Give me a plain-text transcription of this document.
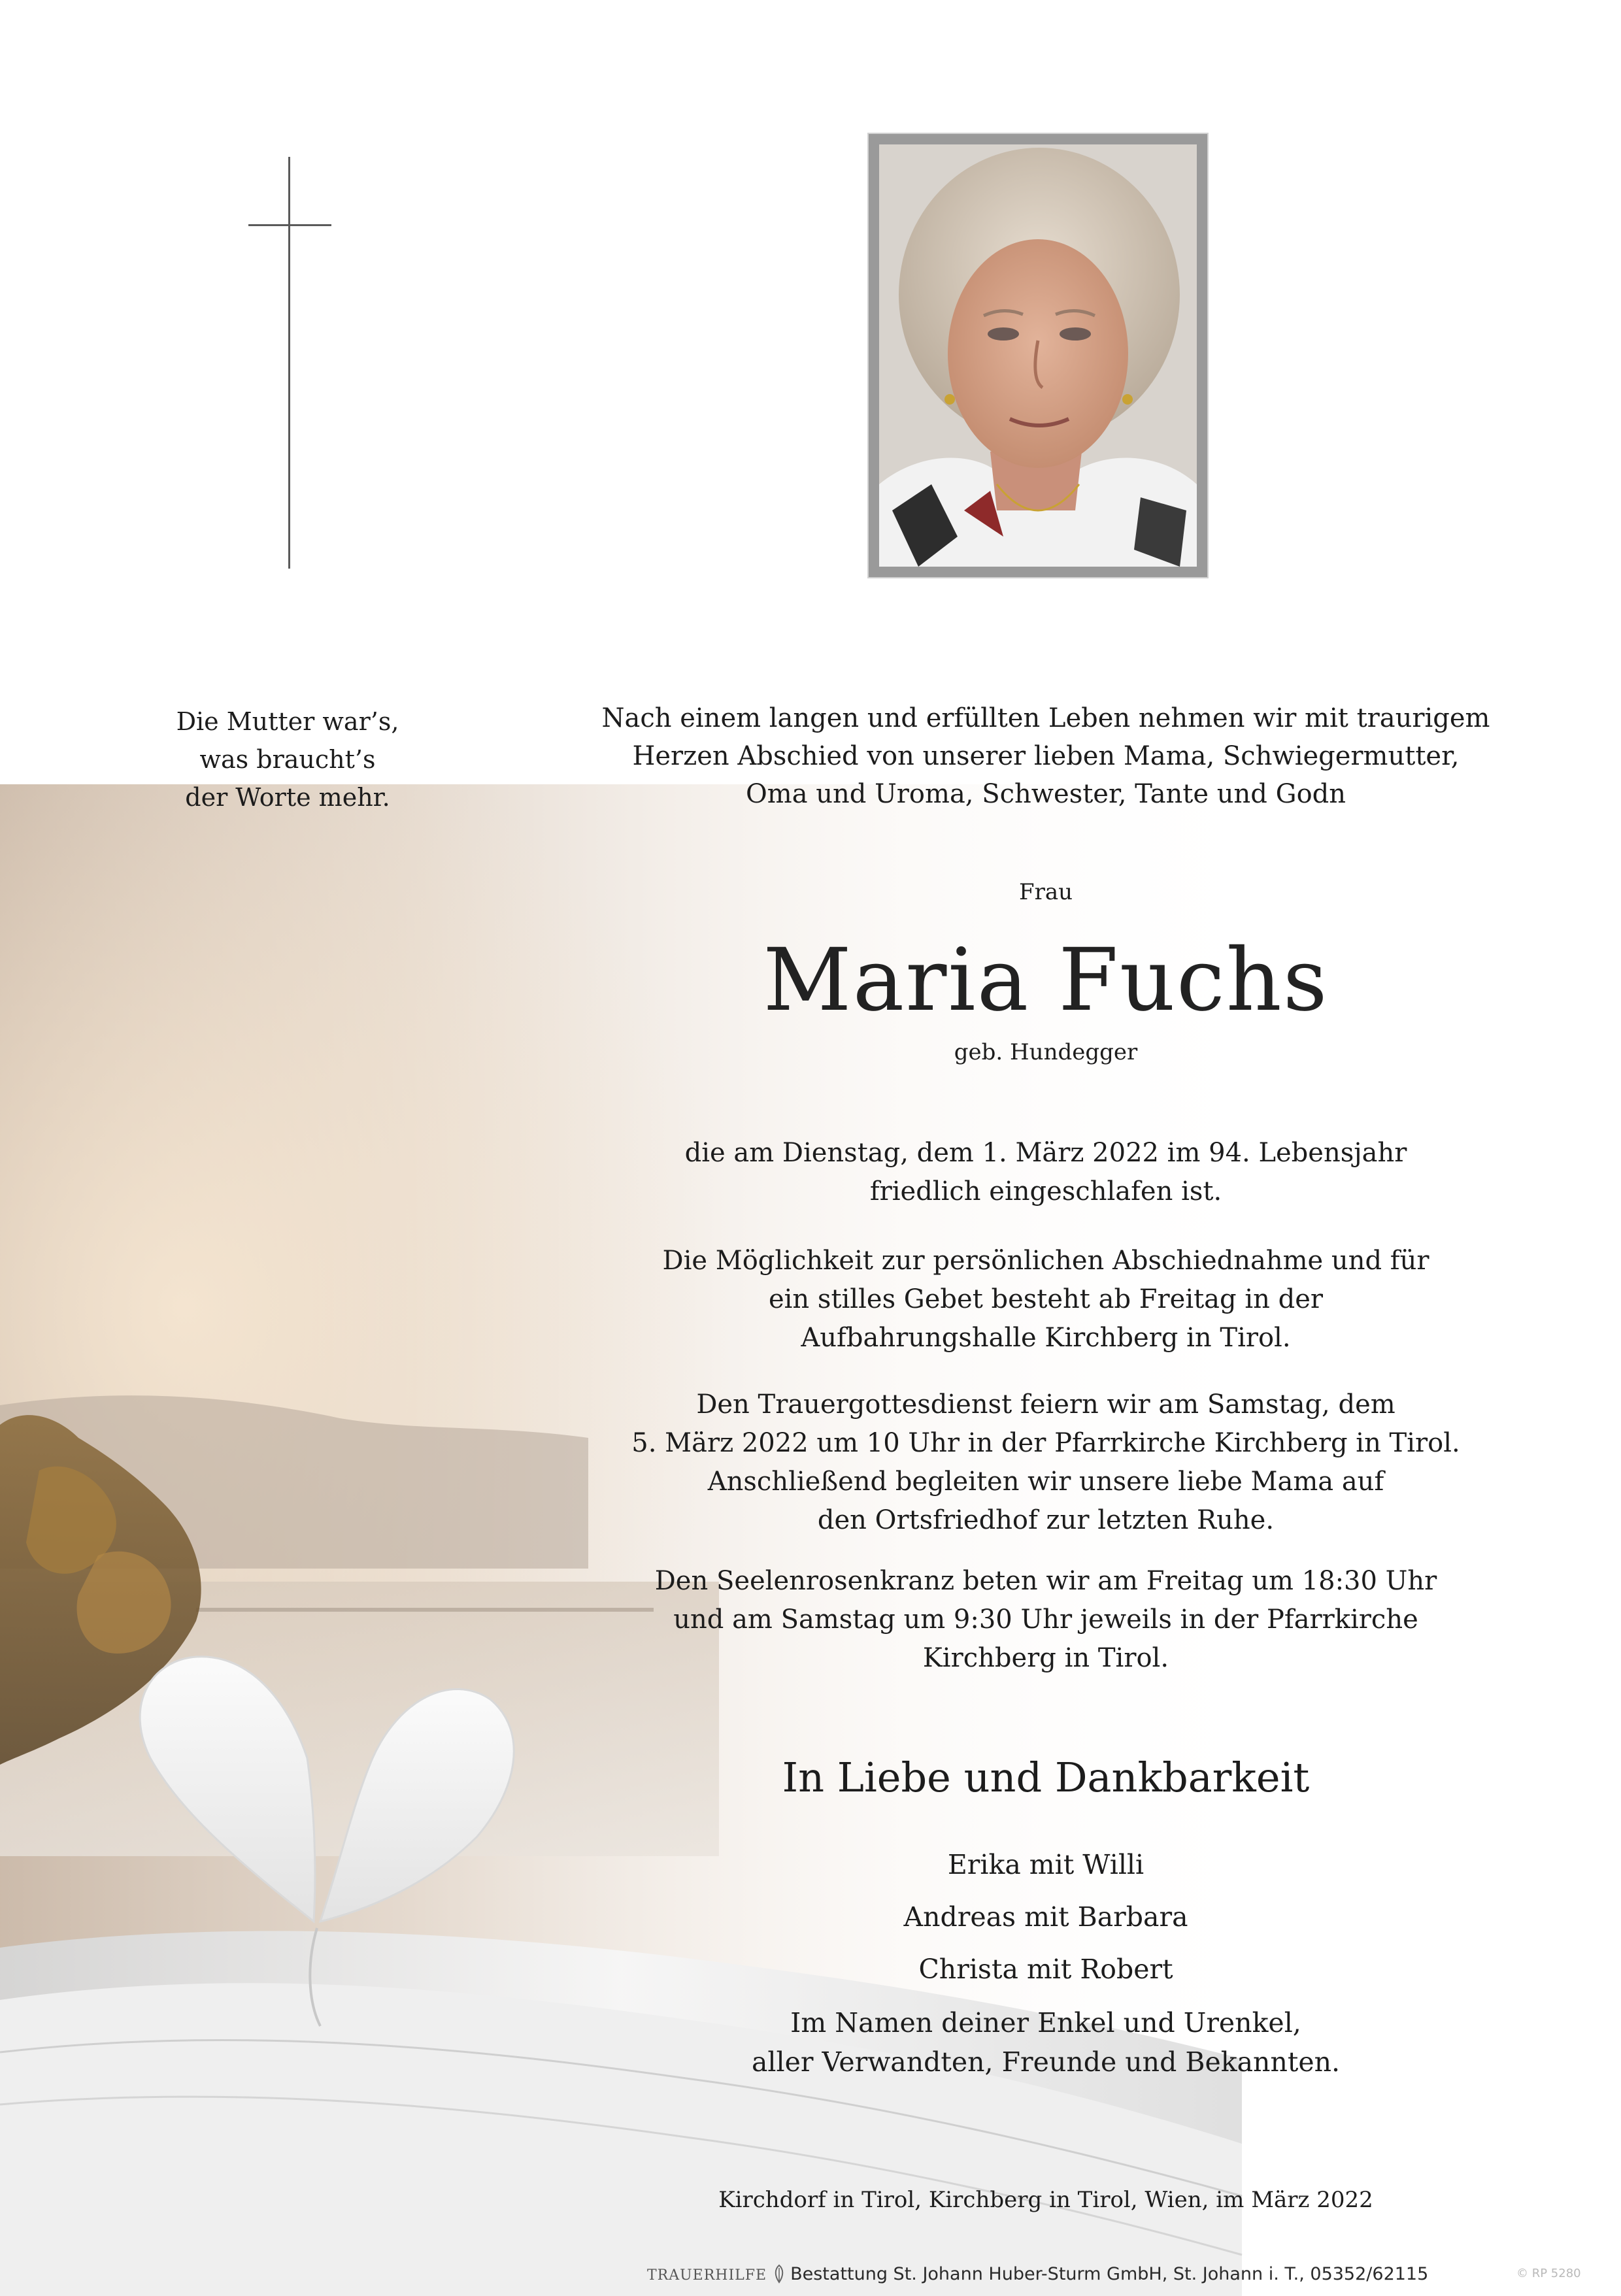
Die Mutter war’s,
was braucht’s
der Worte mehr.
Nach einem langen und erfüllten Leben nehmen wir mit traurigem
Herzen Abschied von unserer lieben Mama, Schwiegermutter,
Oma und Uroma, Schwester, Tante und Godn
Frau
Maria Fuchs
geb. Hundegger
die am Dienstag, dem 1. März 2022 im 94. Lebensjahr
friedlich eingeschlafen ist.
Die Möglichkeit zur persönlichen Abschiednahme und für
ein stilles Gebet besteht ab Freitag in der
Aufbahrungshalle Kirchberg in Tirol.
Den Trauergottesdienst feiern wir am Samstag, dem
5. März 2022 um 10 Uhr in der Pfarrkirche Kirchberg in Tirol.
Anschließend begleiten wir unsere liebe Mama auf
den Ortsfriedhof zur letzten Ruhe.
Den Seelenrosenkranz beten wir am Freitag um 18:30 Uhr
und am Samstag um 9:30 Uhr jeweils in der Pfarrkirche
Kirchberg in Tirol.
In Liebe und Dankbarkeit
Erika mit Willi
Andreas mit Barbara
Christa mit Robert
Im Namen deiner Enkel und Urenkel,
aller Verwandten, Freunde und Bekannten.
Kirchdorf in Tirol, Kirchberg in Tirol, Wien, im März 2022
TRAUERHILFE Bestattung St. Johann Huber-Sturm GmbH, St. Johann i. T., 05352/62115	© RP 5280
